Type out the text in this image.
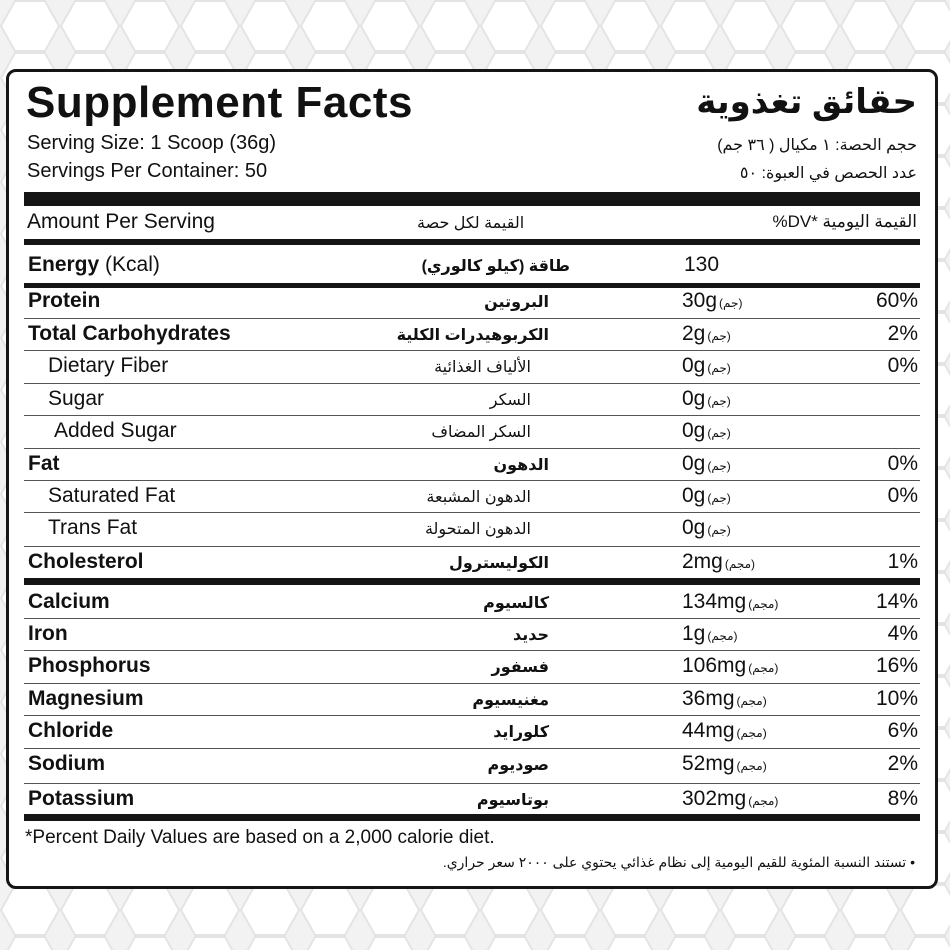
Supplement Facts	حقائق تغذوية
Serving Size: 1 Scoop (36g)
Servings Per Container: 50
حجم الحصة: ١ مكيال ( ٣٦ جم)
عدد الحصص في العبوة: ٥٠
Amount Per Serving	القيمة لكل حصة	القيمة اليومية *DV%
Energy (Kcal)	طاقة (كيلو كالوري)	130
Protein	البروتين	30g (جم)	60%
Total Carbohydrates	الكربوهيدرات الكلية	2g (جم)	2%
Dietary Fiber	الألياف الغذائية	0g (جم)	0%
Sugar	السكر	0g (جم)
Added Sugar	السكر المضاف	0g (جم)
Fat	الدهون	0g (جم)	0%
Saturated Fat	الدهون المشبعة	0g (جم)	0%
Trans Fat	الدهون المتحولة	0g (جم)
Cholesterol	الكوليسترول	2mg (مجم)	1%
Calcium	كالسيوم	134mg (مجم)	14%
Iron	حديد	1g (مجم)	4%
Phosphorus	فسفور	106mg (مجم)	16%
Magnesium	مغنيسيوم	36mg (مجم)	10%
Chloride	كلورايد	44mg (مجم)	6%
Sodium	صوديوم	52mg (مجم)	2%
Potassium	بوتاسيوم	302mg (مجم)	8%
*Percent Daily Values are based on a 2,000 calorie diet.
• تستند النسبة المئوية للقيم اليومية إلى نظام غذائي يحتوي على ٢٠٠٠ سعر حراري.
